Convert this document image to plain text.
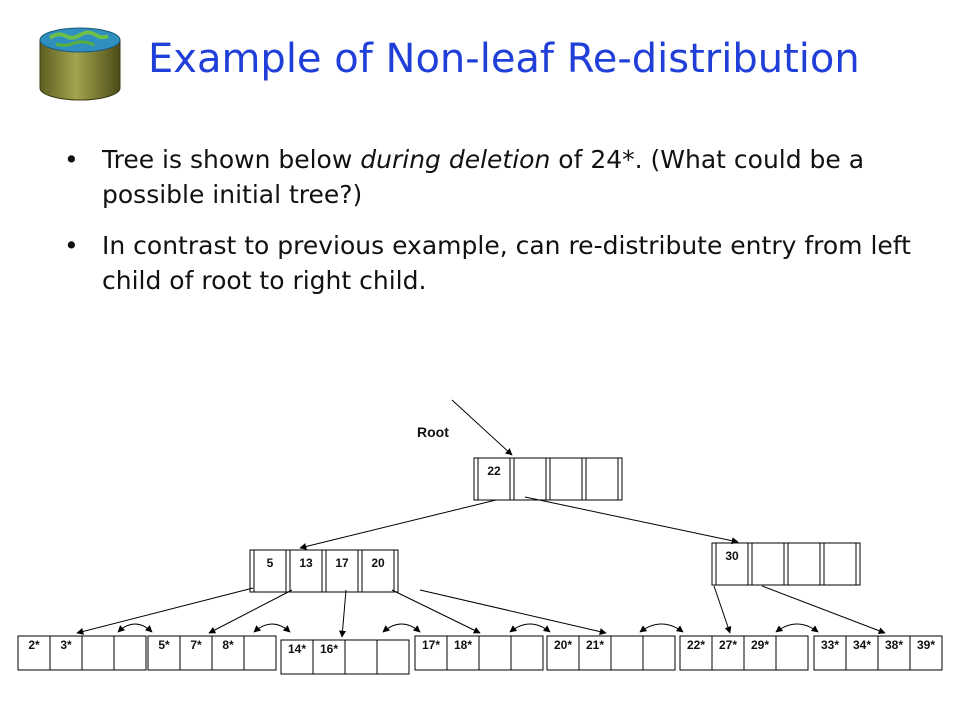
Example of Non-leaf Re-distribution
• Tree is shown below during deletion of 24*. (What could be a possible initial tree?)
• In contrast to previous example, can re-distribute entry from left child of root to right child.
Root
22
5 13 17 20	30
2* 3*	5* 7* 8*	14* 16*	17* 18*	20* 21*	22* 27* 29*	33* 34* 38* 39*
